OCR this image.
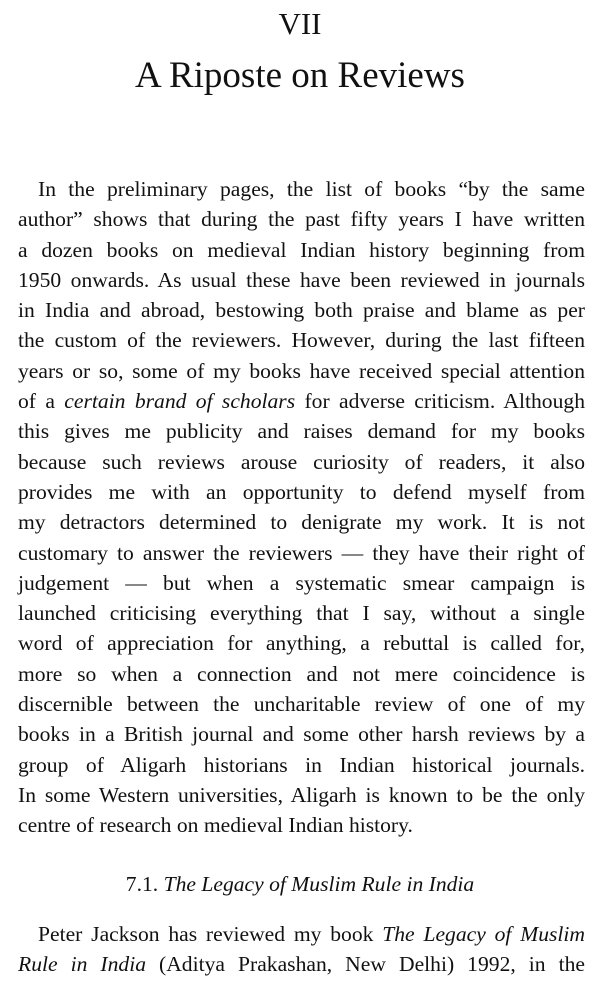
VII
A Riposte on Reviews
In the preliminary pages, the list of books “by the same
author” shows that during the past fifty years I have written
a dozen books on medieval Indian history beginning from
1950 onwards. As usual these have been reviewed in journals
in India and abroad, bestowing both praise and blame as per
the custom of the reviewers. However, during the last fifteen
years or so, some of my books have received special attention
of a certain brand of scholars for adverse criticism. Although
this gives me publicity and raises demand for my books
because such reviews arouse curiosity of readers, it also
provides me with an opportunity to defend myself from
my detractors determined to denigrate my work. It is not
customary to answer the reviewers — they have their right of
judgement — but when a systematic smear campaign is
launched criticising everything that I say, without a single
word of appreciation for anything, a rebuttal is called for,
more so when a connection and not mere coincidence is
discernible between the uncharitable review of one of my
books in a British journal and some other harsh reviews by a
group of Aligarh historians in Indian historical journals.
In some Western universities, Aligarh is known to be the only
centre of research on medieval Indian history.
7.1. The Legacy of Muslim Rule in India
Peter Jackson has reviewed my book The Legacy of Muslim
Rule in India (Aditya Prakashan, New Delhi) 1992, in the
